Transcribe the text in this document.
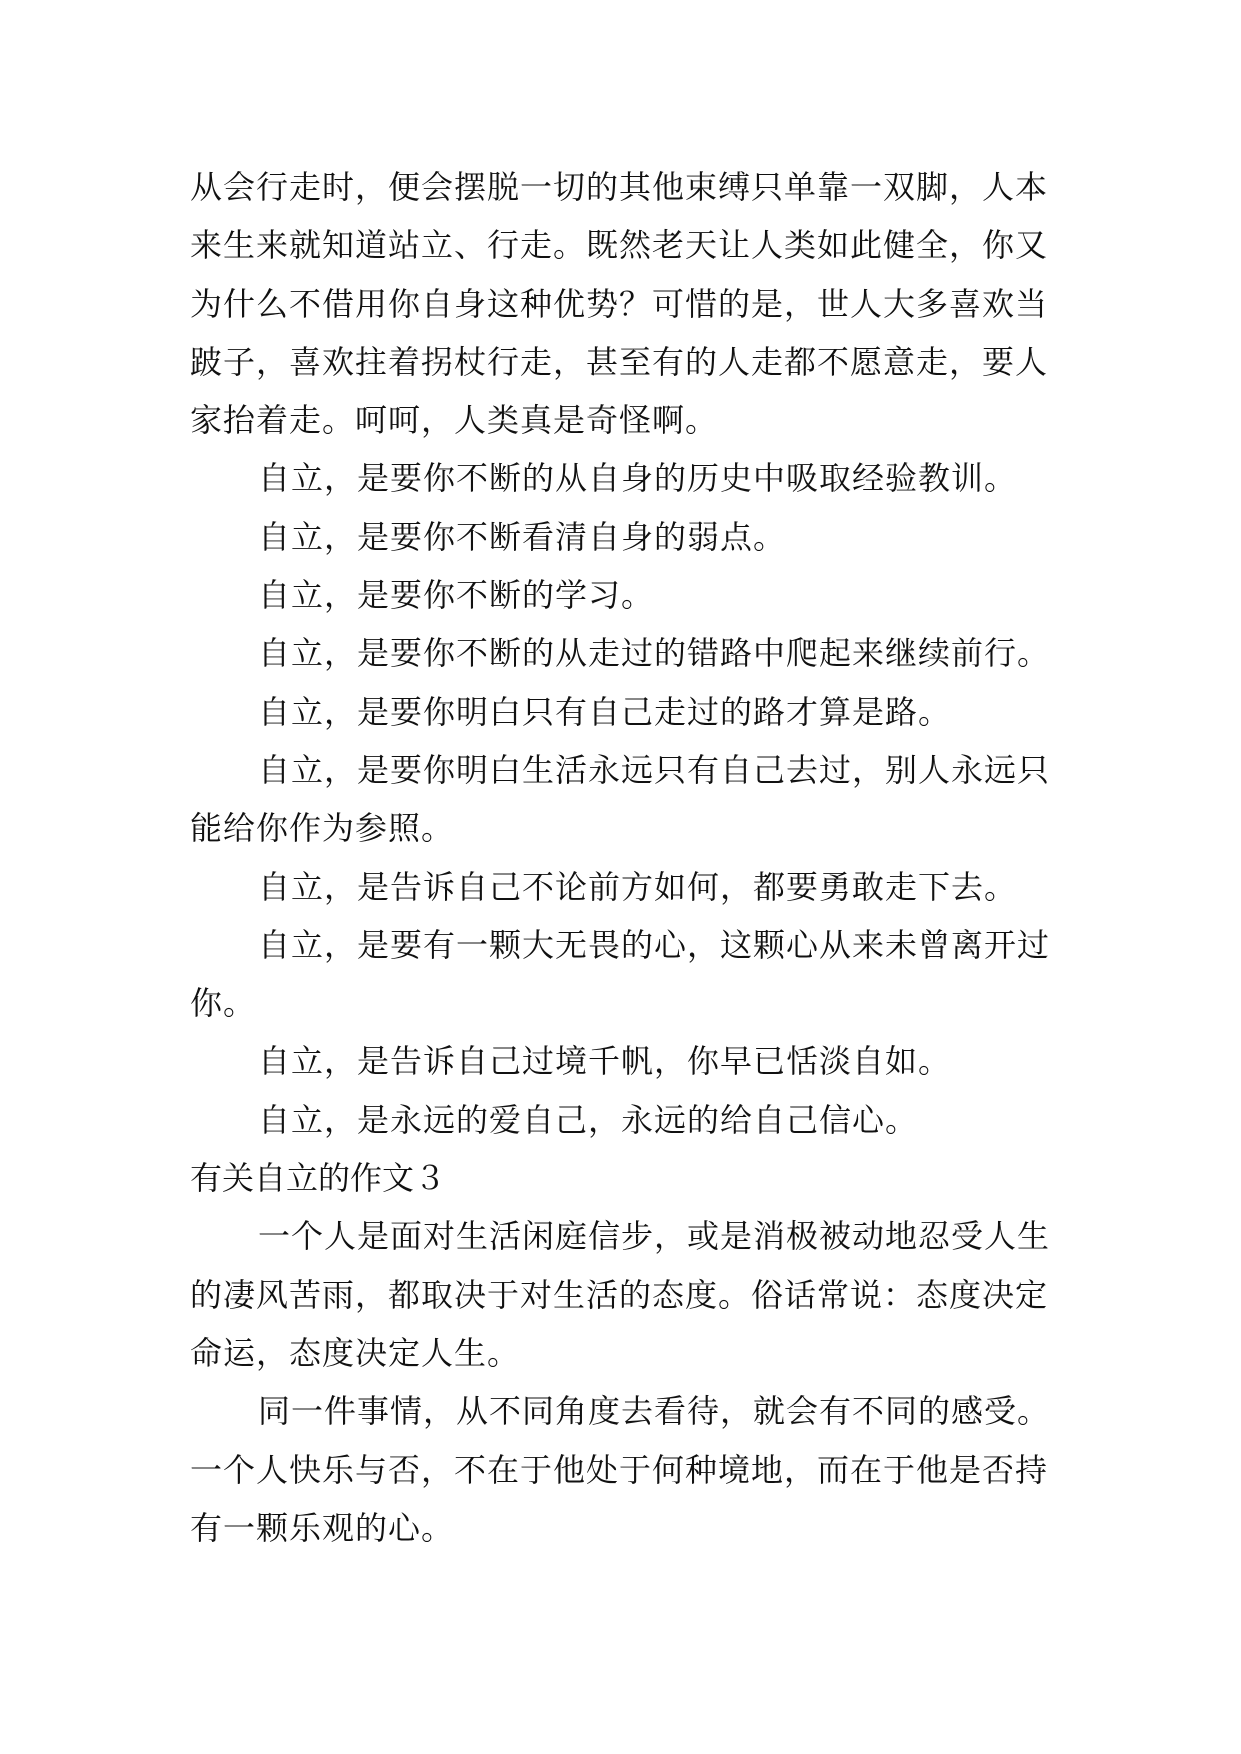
从会行走时，便会摆脱一切的其他束缚只单靠一双脚，人本
来生来就知道站立、行走。既然老天让人类如此健全，你又
为什么不借用你自身这种优势？可惜的是，世人大多喜欢当
跛子，喜欢拄着拐杖行走，甚至有的人走都不愿意走，要人
家抬着走。呵呵，人类真是奇怪啊。
自立，是要你不断的从自身的历史中吸取经验教训。
自立，是要你不断看清自身的弱点。
自立，是要你不断的学习。
自立，是要你不断的从走过的错路中爬起来继续前行。
自立，是要你明白只有自己走过的路才算是路。
自立，是要你明白生活永远只有自己去过，别人永远只
能给你作为参照。
自立，是告诉自己不论前方如何，都要勇敢走下去。
自立，是要有一颗大无畏的心，这颗心从来未曾离开过
你。
自立，是告诉自己过境千帆，你早已恬淡自如。
自立，是永远的爱自己，永远的给自己信心。
有关自立的作文３
一个人是面对生活闲庭信步，或是消极被动地忍受人生
的凄风苦雨，都取决于对生活的态度。俗话常说：态度决定
命运，态度决定人生。
同一件事情，从不同角度去看待，就会有不同的感受。
一个人快乐与否，不在于他处于何种境地，而在于他是否持
有一颗乐观的心。
